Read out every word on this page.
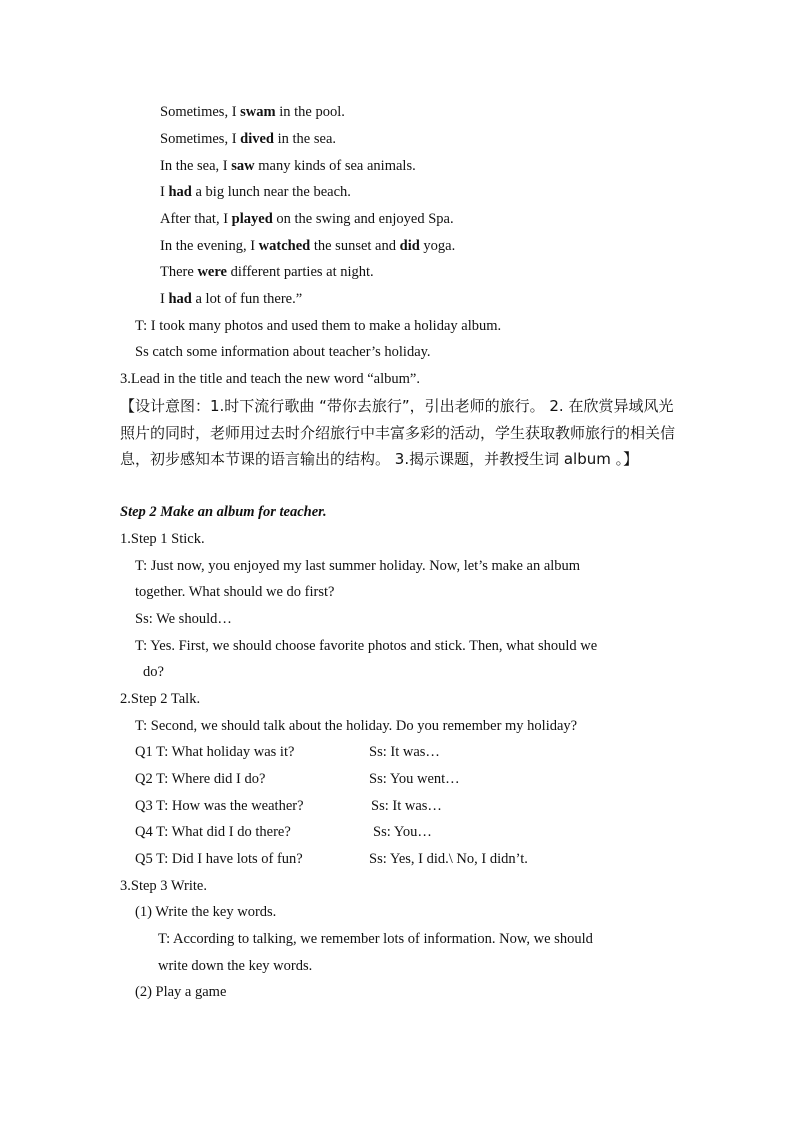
Sometimes, I swam in the pool.
Sometimes, I dived in the sea.
In the sea, I saw many kinds of sea animals.
I had a big lunch near the beach.
After that, I played on the swing and enjoyed Spa.
In the evening, I watched the sunset and did yoga.
There were different parties at night.
I had a lot of fun there.”
T: I took many photos and used them to make a holiday album.
Ss catch some information about teacher’s holiday.
3.Lead in the title and teach the new word “album”.
【设计意图：1.时下流行歌曲 “带你去旅行”，引出老师的旅行。 2. 在欣赏异域风光照片的同时，老师用过去时介绍旅行中丰富多彩的活动，学生获取教师旅行的相关信息，初步感知本节课的语言输出的结构。 3.揭示课题，并教授生词 album 。】
Step 2 Make an album for teacher.
1.Step 1 Stick.
T: Just now, you enjoyed my last summer holiday. Now, let’s make an album
together. What should we do first?
Ss: We should…
T: Yes. First, we should choose favorite photos and stick. Then, what should we
do?
2.Step 2 Talk.
T: Second, we should talk about the holiday. Do you remember my holiday?
Q1 T: What holiday was it?	Ss: It was…
Q2 T: Where did I do?	Ss: You went…
Q3 T: How was the weather?	Ss: It was…
Q4 T: What did I do there?	Ss: You…
Q5 T: Did I have lots of fun?	Ss: Yes, I did.\ No, I didn’t.
3.Step 3 Write.
(1) Write the key words.
T: According to talking, we remember lots of information. Now, we should
write down the key words.
(2) Play a game
